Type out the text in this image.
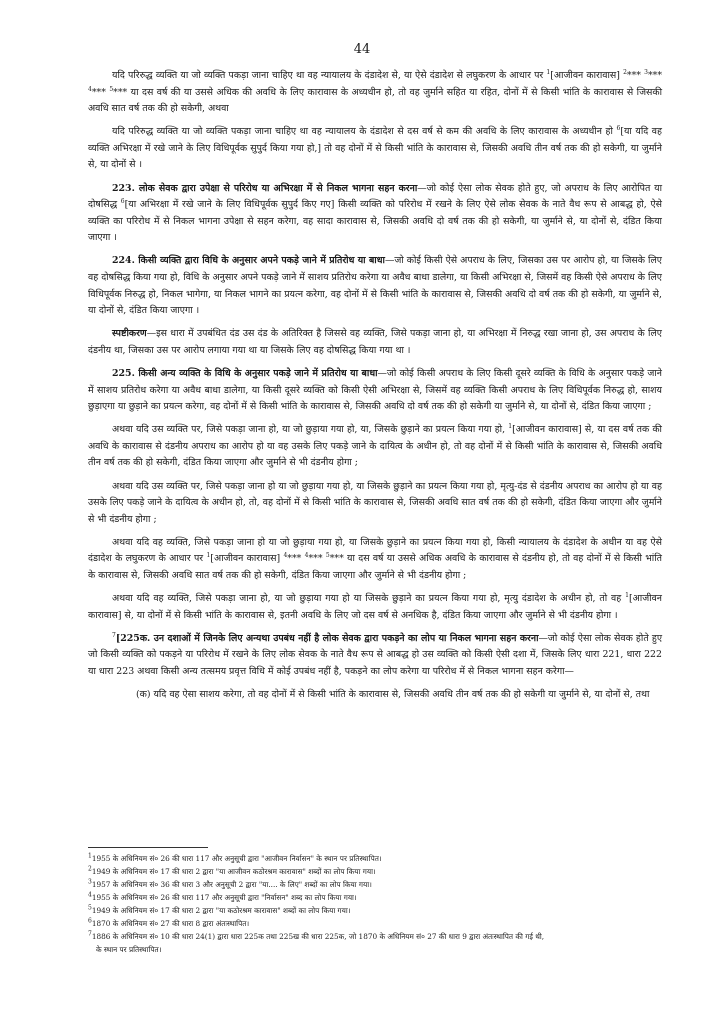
44

यदि परिरुद्ध व्यक्ति या जो व्यक्ति पकड़ा जाना चाहिए था वह न्यायालय के दंडादेश से, या ऐसे दंडादेश से लघुकरण के आधार पर $^1$[आजीवन कारावास] $^2$*** $^3$*** $^4$*** $^5$*** या दस वर्ष की या उससे अधिक की अवधि के लिए कारावास के अध्यधीन हो, तो वह जुर्माने सहित या रहित, दोनों में से किसी भांति के कारावास से जिसकी अवधि सात वर्ष तक की हो सकेगी, अथवा

यदि परिरुद्ध व्यक्ति या जो व्यक्ति पकड़ा जाना चाहिए था वह न्यायालय के दंडादेश से दस वर्ष से कम की अवधि के लिए कारावास के अध्यधीन हो $^6$[या यदि वह व्यक्ति अभिरक्षा में रखे जाने के लिए विधिपूर्वक सुपुर्द किया गया हो,] तो वह दोनों में से किसी भांति के कारावास से, जिसकी अवधि तीन वर्ष तक की हो सकेगी, या जुर्माने से, या दोनों से ।

223. लोक सेवक द्वारा उपेक्षा से परिरोध या अभिरक्षा में से निकल भागना सहन करना—जो कोई ऐसा लोक सेवक होते हुए, जो अपराध के लिए आरोपित या दोषसिद्ध $^6$[या अभिरक्षा में रखे जाने के लिए विधिपूर्वक सुपुर्द किए गए] किसी व्यक्ति को परिरोध में रखने के लिए ऐसे लोक सेवक के नाते वैध रूप से आबद्ध हो, ऐसे व्यक्ति का परिरोध में से निकल भागना उपेक्षा से सहन करेगा, वह सादा कारावास से, जिसकी अवधि दो वर्ष तक की हो सकेगी, या जुर्माने से, या दोनों से, दंडित किया जाएगा ।

224. किसी व्यक्ति द्वारा विधि के अनुसार अपने पकड़े जाने में प्रतिरोध या बाधा—जो कोई किसी ऐसे अपराध के लिए, जिसका उस पर आरोप हो, या जिसके लिए वह दोषसिद्ध किया गया हो, विधि के अनुसार अपने पकड़े जाने में साशय प्रतिरोध करेगा या अवैध बाधा डालेगा, या किसी अभिरक्षा से, जिसमें वह किसी ऐसे अपराध के लिए विधिपूर्वक निरुद्ध हो, निकल भागेगा, या निकल भागने का प्रयत्न करेगा, वह दोनों में से किसी भांति के कारावास से, जिसकी अवधि दो वर्ष तक की हो सकेगी, या जुर्माने से, या दोनों से, दंडित किया जाएगा ।

स्पष्टीकरण—इस धारा में उपबंधित दंड उस दंड के अतिरिक्त है जिससे वह व्यक्ति, जिसे पकड़ा जाना हो, या अभिरक्षा में निरुद्ध रखा जाना हो, उस अपराध के लिए दंडनीय था, जिसका उस पर आरोप लगाया गया था या जिसके लिए वह दोषसिद्ध किया गया था ।

225. किसी अन्य व्यक्ति के विधि के अनुसार पकड़े जाने में प्रतिरोध या बाधा—जो कोई किसी अपराध के लिए किसी दूसरे व्यक्ति के विधि के अनुसार पकड़े जाने में साशय प्रतिरोध करेगा या अवैध बाधा डालेगा, या किसी दूसरे व्यक्ति को किसी ऐसी अभिरक्षा से, जिसमें वह व्यक्ति किसी अपराध के लिए विधिपूर्वक निरुद्ध हो, साशय छुड़ाएगा या छुड़ाने का प्रयत्न करेगा, वह दोनों में से किसी भांति के कारावास से, जिसकी अवधि दो वर्ष तक की हो सकेगी या जुर्माने से, या दोनों से, दंडित किया जाएगा ;

अथवा यदि उस व्यक्ति पर, जिसे पकड़ा जाना हो, या जो छुड़ाया गया हो, या, जिसके छुड़ाने का प्रयत्न किया गया हो, $^1$[आजीवन कारावास] से, या दस वर्ष तक की अवधि के कारावास से दंडनीय अपराध का आरोप हो या वह उसके लिए पकड़े जाने के दायित्व के अधीन हो, तो वह दोनों में से किसी भांति के कारावास से, जिसकी अवधि तीन वर्ष तक की हो सकेगी, दंडित किया जाएगा और जुर्माने से भी दंडनीय होगा ;

अथवा यदि उस व्यक्ति पर, जिसे पकड़ा जाना हो या जो छुड़ाया गया हो, या जिसके छुड़ाने का प्रयत्न किया गया हो, मृत्यु-दंड से दंडनीय अपराध का आरोप हो या वह उसके लिए पकड़े जाने के दायित्व के अधीन हो, तो, वह दोनों में से किसी भांति के कारावास से, जिसकी अवधि सात वर्ष तक की हो सकेगी, दंडित किया जाएगा और जुर्माने से भी दंडनीय होगा ;

अथवा यदि वह व्यक्ति, जिसे पकड़ा जाना हो या जो छुड़ाया गया हो, या जिसके छुड़ाने का प्रयत्न किया गया हो, किसी न्यायालय के दंडादेश के अधीन या वह ऐसे दंडादेश के लघुकरण के आधार पर $^1$[आजीवन कारावास] $^4$*** $^4$*** $^5$*** या दस वर्ष या उससे अधिक अवधि के कारावास से दंडनीय हो, तो वह दोनों में से किसी भांति के कारावास से, जिसकी अवधि सात वर्ष तक की हो सकेगी, दंडित किया जाएगा और जुर्माने से भी दंडनीय होगा ;

अथवा यदि वह व्यक्ति, जिसे पकड़ा जाना हो, या जो छुड़ाया गया हो या जिसके छुड़ाने का प्रयत्न किया गया हो, मृत्यु दंडादेश के अधीन हो, तो वह $^1$[आजीवन कारावास] से, या दोनों में से किसी भांति के कारावास से, इतनी अवधि के लिए जो दस वर्ष से अनधिक है, दंडित किया जाएगा और जुर्माने से भी दंडनीय होगा ।

$^7$[225क. उन दशाओं में जिनके लिए अन्यथा उपबंध नहीं है लोक सेवक द्वारा पकड़ने का लोप या निकल भागना सहन करना—जो कोई ऐसा लोक सेवक होते हुए जो किसी व्यक्ति को पकड़ने या परिरोध में रखने के लिए लोक सेवक के नाते वैध रूप से आबद्ध हो उस व्यक्ति को किसी ऐसी दशा में, जिसके लिए धारा 221, धारा 222 या धारा 223 अथवा किसी अन्य तत्समय प्रवृत्त विधि में कोई उपबंध नहीं है, पकड़ने का लोप करेगा या परिरोध में से निकल भागना सहन करेगा—

(क) यदि वह ऐसा साशय करेगा, तो वह दोनों में से किसी भांति के कारावास से, जिसकी अवधि तीन वर्ष तक की हो सकेगी या जुर्माने से, या दोनों से, तथा

$^1$1955 के अधिनियम सं० 26 की धारा 117 और अनुसूची द्वारा "आजीवन निर्वासन" के स्थान पर प्रतिस्थापित।
$^2$1949 के अधिनियम सं० 17 की धारा 2 द्वारा "या आजीवन कठोरश्रम कारावास" शब्दों का लोप किया गया।
$^3$1957 के अधिनियम सं० 36 की धारा 3 और अनुसूची 2 द्वारा "या.... के लिए" शब्दों का लोप किया गया।
$^4$1955 के अधिनियम सं० 26 की धारा 117 और अनुसूची द्वारा "निर्वासन" शब्द का लोप किया गया।
$^5$1949 के अधिनियम सं० 17 की धारा 2 द्वारा "या कठोरश्रम कारावास" शब्दों का लोप किया गया।
$^6$1870 के अधिनियम सं० 27 की धारा 8 द्वारा अंतःस्थापित।
$^7$1886 के अधिनियम सं० 10 की धारा 24(1) द्वारा धारा 225क तथा 225ख की धारा 225क, जो 1870 के अधिनियम सं० 27 की धारा 9 द्वारा अंतःस्थापित की गई थी,
के स्थान पर प्रतिस्थापित।
